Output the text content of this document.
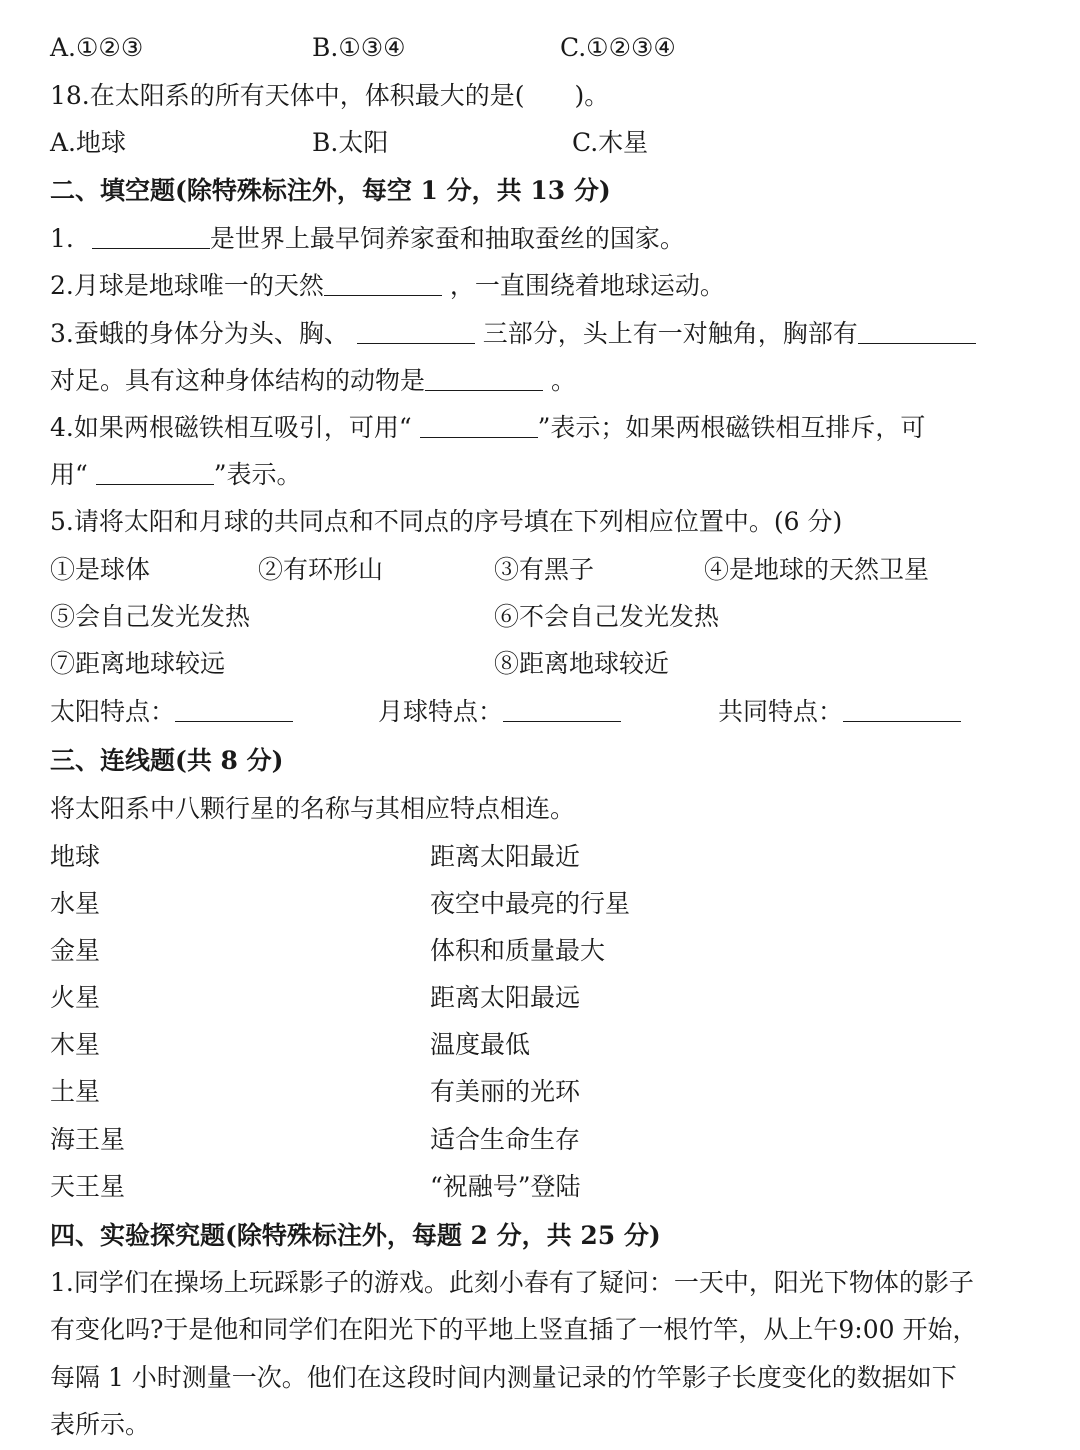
A.①②③	B.①③④	C.①②③④
18.在太阳系的所有天体中，体积最大的是(　　)。
A.地球	B.太阳	C.木星
二、填空题(除特殊标注外，每空 1 分，共 13 分)
1.	是世界上最早饲养家蚕和抽取蚕丝的国家。
2.月球是地球唯一的天然	，一直围绕着地球运动。
3.蚕蛾的身体分为头、胸、	三部分，头上有一对触角，胸部有
对足。具有这种身体结构的动物是	。
4.如果两根磁铁相互吸引，可用“	”表示；如果两根磁铁相互排斥，可
用“	”表示。
5.请将太阳和月球的共同点和不同点的序号填在下列相应位置中。(6 分)
①是球体	②有环形山	③有黑子	④是地球的天然卫星
⑤会自己发光发热	⑥不会自己发光发热
⑦距离地球较远	⑧距离地球较近
太阳特点：	月球特点：	共同特点：
三、连线题(共 8 分)
将太阳系中八颗行星的名称与其相应特点相连。
地球	距离太阳最近
水星	夜空中最亮的行星
金星	体积和质量最大
火星	距离太阳最远
木星	温度最低
土星	有美丽的光环
海王星	适合生命生存
天王星	“祝融号”登陆
四、实验探究题(除特殊标注外，每题 2 分，共 25 分)
1.同学们在操场上玩踩影子的游戏。此刻小春有了疑问：一天中，阳光下物体的影子
有变化吗?于是他和同学们在阳光下的平地上竖直插了一根竹竿，从上午9:00 开始，
每隔 1 小时测量一次。他们在这段时间内测量记录的竹竿影子长度变化的数据如下
表所示。
